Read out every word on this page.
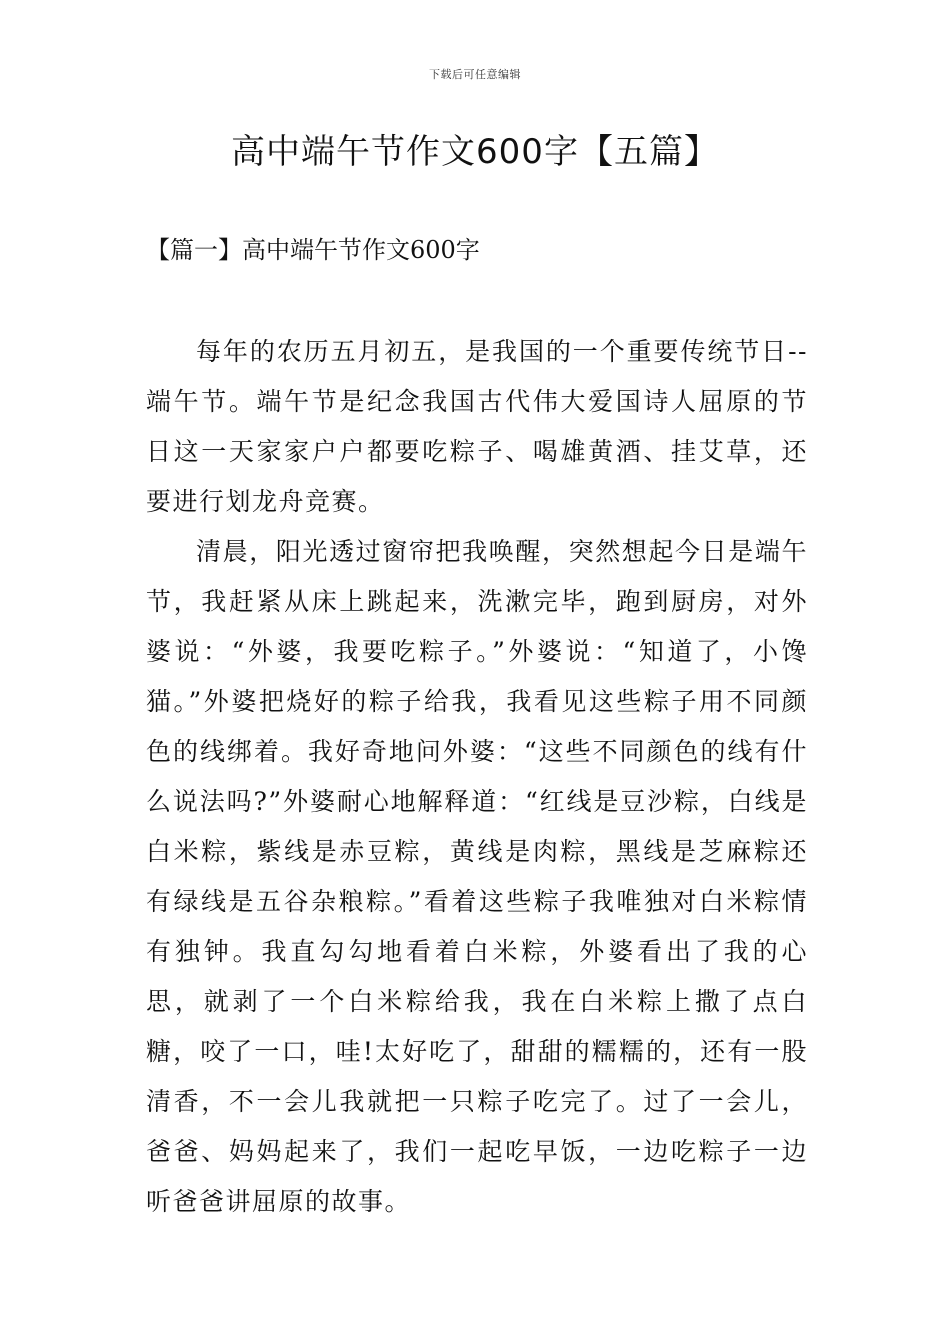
下载后可任意编辑
高中端午节作文600字【五篇】
【篇一】高中端午节作文600字

每年的农历五月初五，是我国的一个重要传统节日--端午节。端午节是纪念我国古代伟大爱国诗人屈原的节日这一天家家户户都要吃粽子、喝雄黄酒、挂艾草，还要进行划龙舟竞赛。

清晨，阳光透过窗帘把我唤醒，突然想起今日是端午节，我赶紧从床上跳起来，洗漱完毕，跑到厨房，对外婆说：“外婆，我要吃粽子。”外婆说：“知道了，小馋猫。”外婆把烧好的粽子给我，我看见这些粽子用不同颜色的线绑着。我好奇地问外婆：“这些不同颜色的线有什么说法吗?”外婆耐心地解释道：“红线是豆沙粽，白线是白米粽，紫线是赤豆粽，黄线是肉粽，黑线是芝麻粽还有绿线是五谷杂粮粽。”看着这些粽子我唯独对白米粽情有独钟。我直勾勾地看着白米粽，外婆看出了我的心思，就剥了一个白米粽给我，我在白米粽上撒了点白糖，咬了一口，哇!太好吃了，甜甜的糯糯的，还有一股清香，不一会儿我就把一只粽子吃完了。过了一会儿，爸爸、妈妈起来了，我们一起吃早饭，一边吃粽子一边听爸爸讲屈原的故事。
